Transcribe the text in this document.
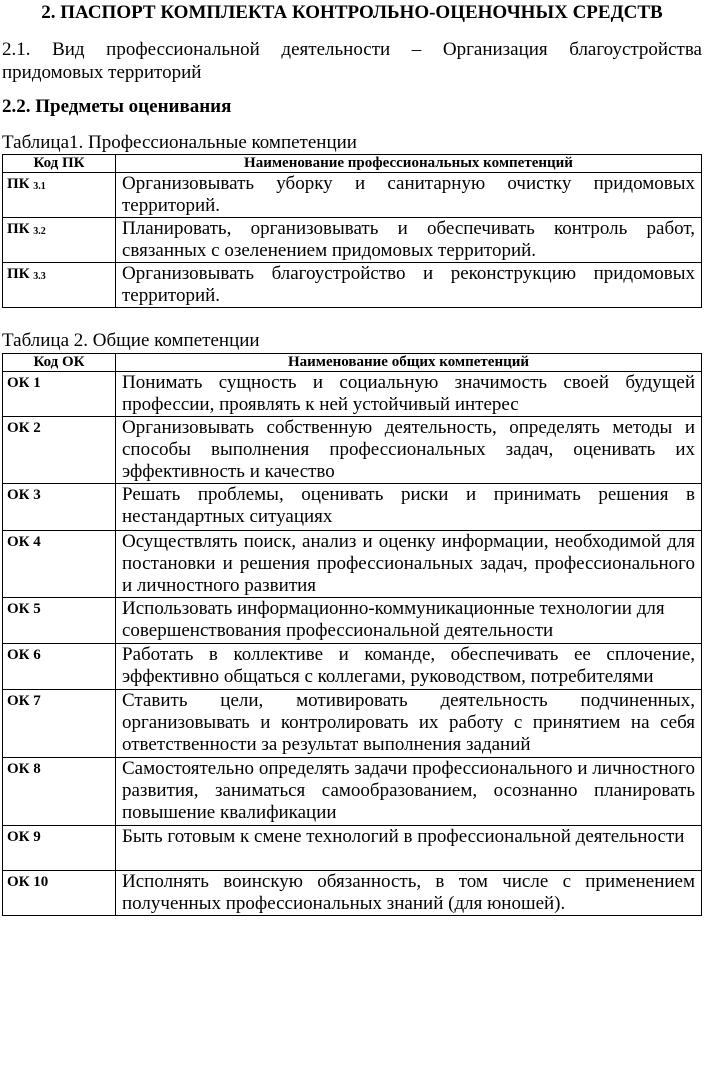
2. ПАСПОРТ КОМПЛЕКТА КОНТРОЛЬНО-ОЦЕНОЧНЫХ СРЕДСТВ
2.1. Вид профессиональной деятельности – Организация благоустройства придомовых территорий
2.2. Предметы оценивания
Таблица1. Профессиональные компетенции
Код ПК	Наименование профессиональных компетенций
ПК $_{3.1}$	Организовывать уборку и санитарную очистку придомовых территорий.
ПК $_{3.2}$	Планировать, организовывать и обеспечивать контроль работ, связанных с озеленением придомовых территорий.
ПК $_{3.3}$	Организовывать благоустройство и реконструкцию придомовых территорий.
Таблица 2. Общие компетенции
Код ОК	Наименование общих компетенций
ОК 1	Понимать сущность и социальную значимость своей будущей профессии, проявлять к ней устойчивый интерес
ОК 2	Организовывать собственную деятельность, определять методы и способы выполнения профессиональных задач, оценивать их эффективность и качество
ОК 3	Решать проблемы, оценивать риски и принимать решения в нестандартных ситуациях
ОК 4	Осуществлять поиск, анализ и оценку информации, необходимой для постановки и решения профессиональных задач, профессионального и личностного развития
ОК 5	Использовать информационно-коммуникационные технологии для совершенствования профессиональной деятельности
ОК 6	Работать в коллективе и команде, обеспечивать ее сплочение, эффективно общаться с коллегами, руководством, потребителями
ОК 7	Ставить цели, мотивировать деятельность подчиненных, организовывать и контролировать их работу с принятием на себя ответственности за результат выполнения заданий
ОК 8	Самостоятельно определять задачи профессионального и личностного развития, заниматься самообразованием, осознанно планировать повышение квалификации
ОК 9	Быть готовым к смене технологий в профессиональной деятельности
ОК 10	Исполнять воинскую обязанность, в том числе с применением полученных профессиональных знаний (для юношей).
